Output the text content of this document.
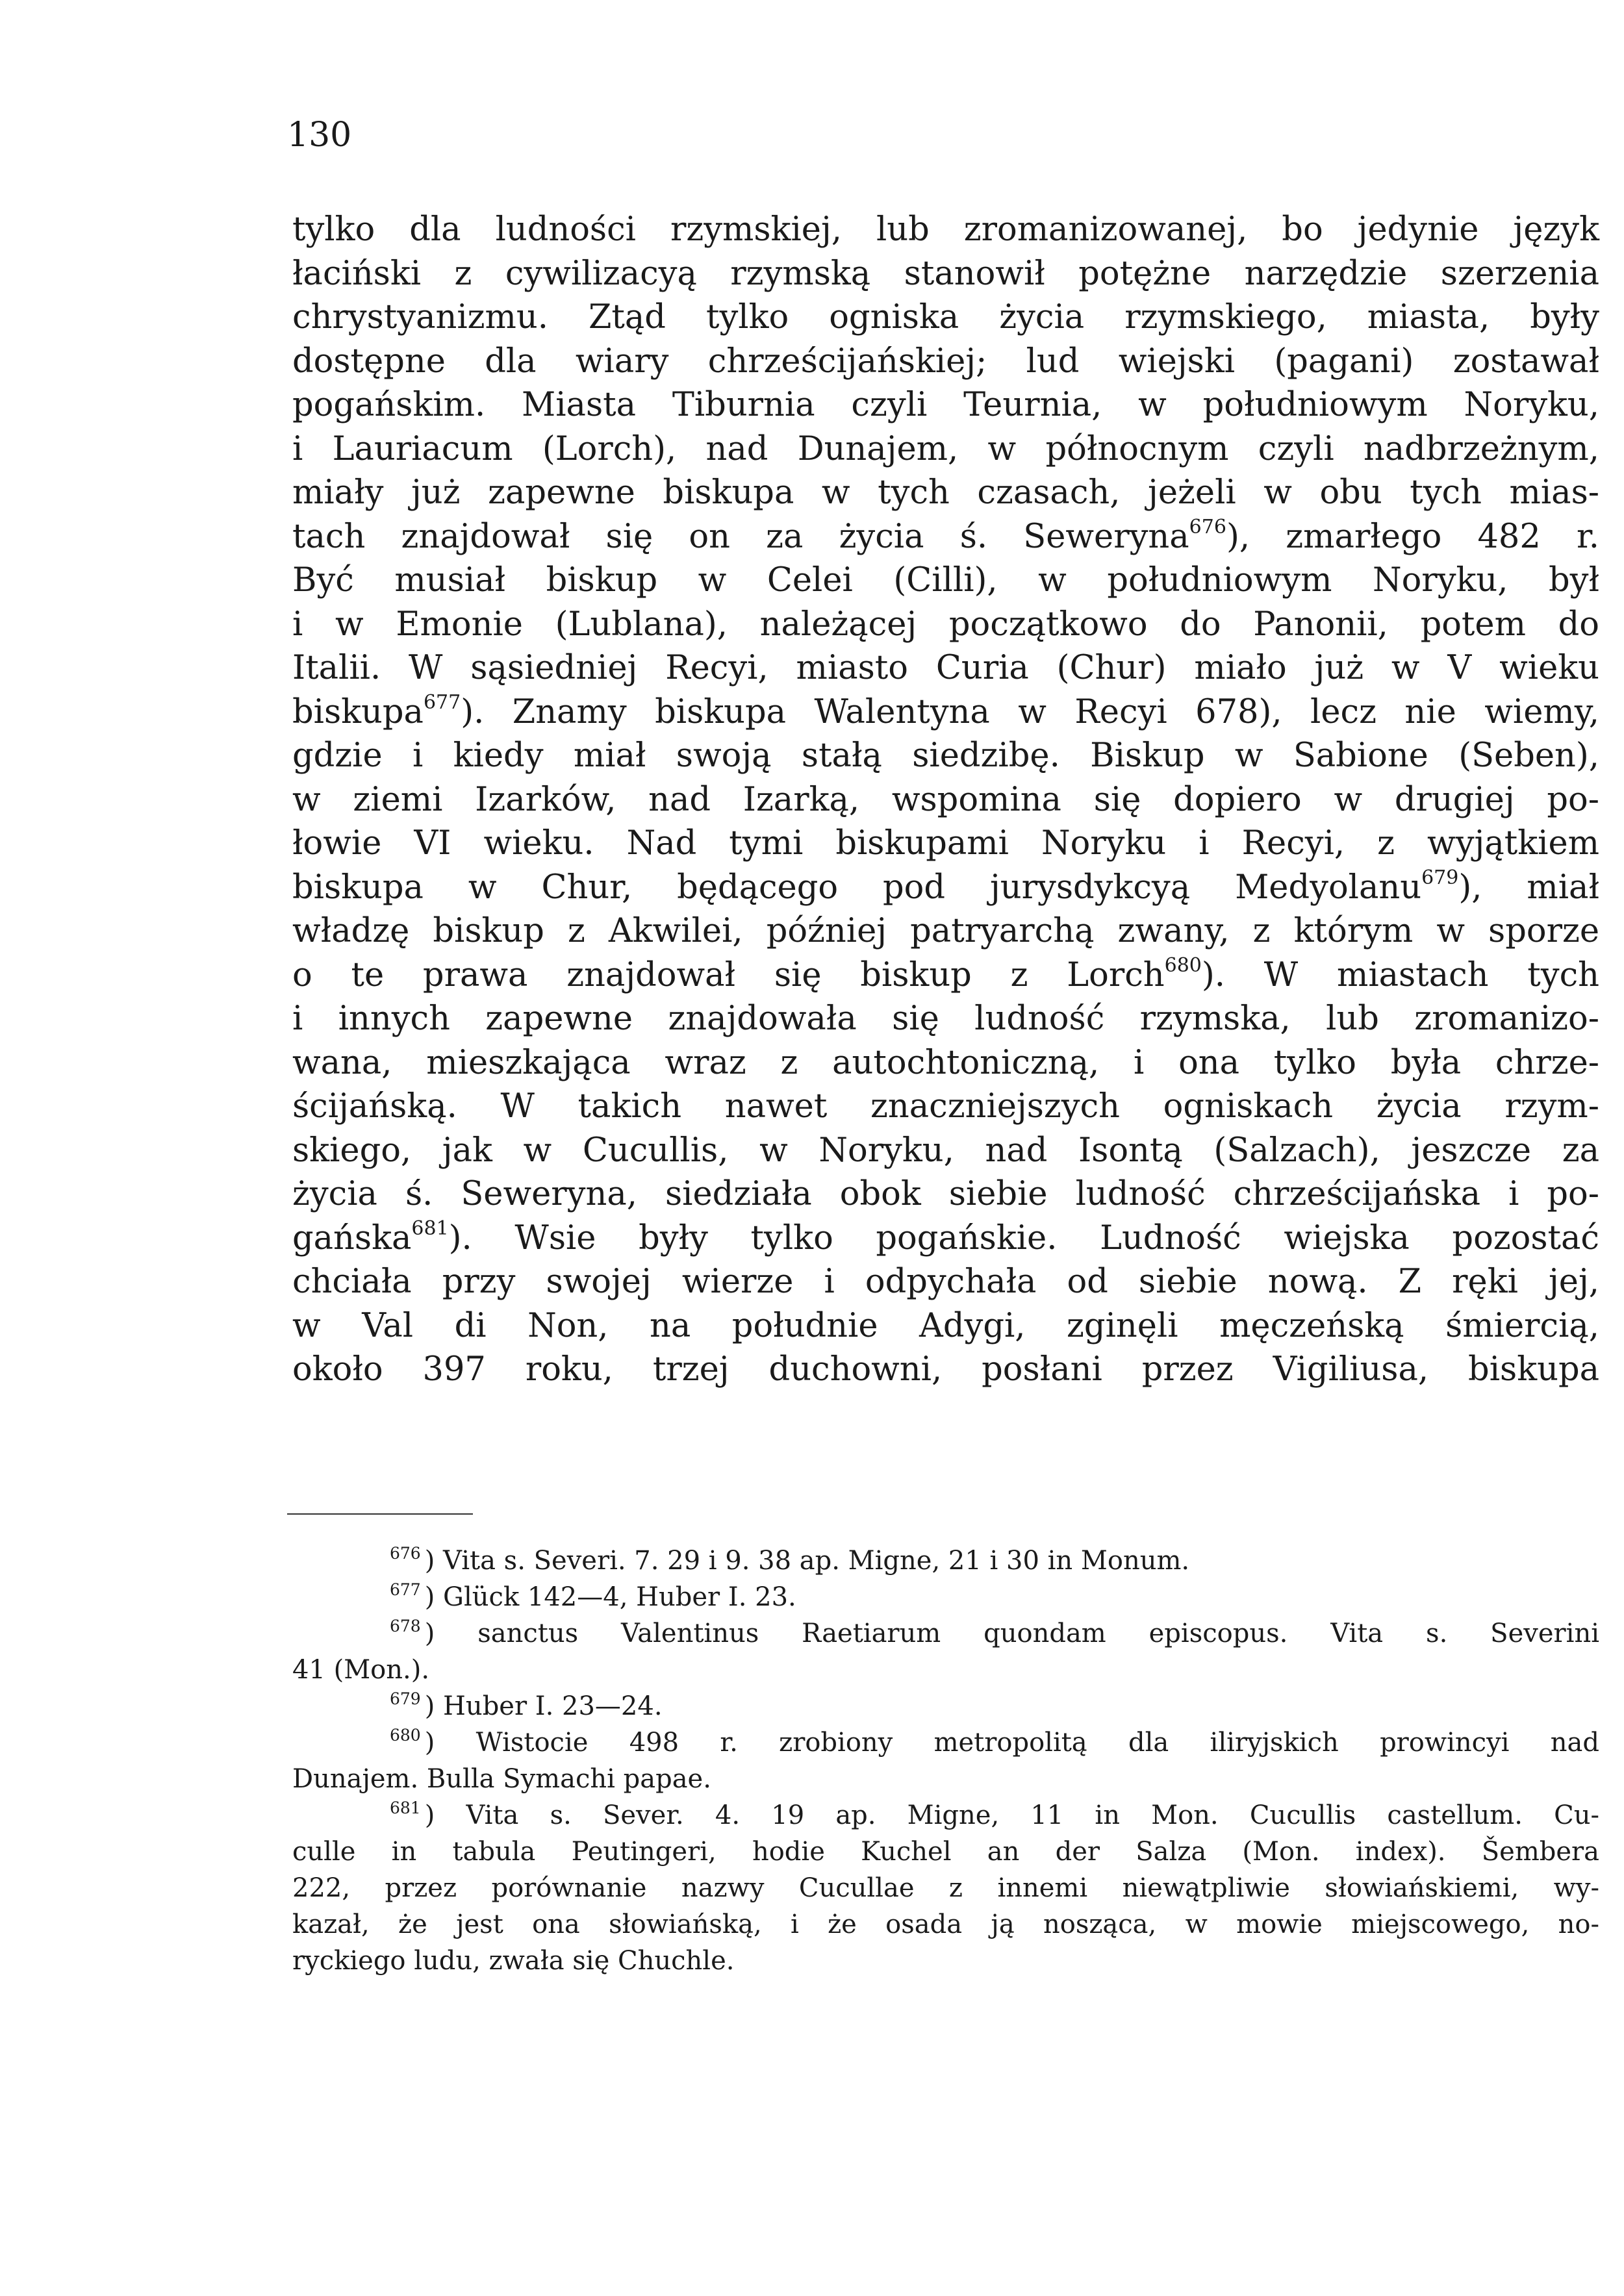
130
tylko dla ludności rzymskiej, lub zromanizowanej, bo jedynie język
łaciński z cywilizacyą rzymską stanowił potężne narzędzie szerzenia
chrystyanizmu. Ztąd tylko ogniska życia rzymskiego, miasta, były
dostępne dla wiary chrześcijańskiej; lud wiejski (pagani) zostawał
pogańskim. Miasta Tiburnia czyli Teurnia, w południowym Noryku,
i Lauriacum (Lorch), nad Dunajem, w północnym czyli nadbrzeżnym,
miały już zapewne biskupa w tych czasach, jeżeli w obu tych mias-
tach znajdował się on za życia ś. Seweryna$^{676}$), zmarłego 482 r.
Być musiał biskup w Celei (Cilli), w południowym Noryku, był
i w Emonie (Lublana), należącej początkowo do Panonii, potem do
Italii. W sąsiedniej Recyi, miasto Curia (Chur) miało już w V wieku
biskupa$^{677}$). Znamy biskupa Walentyna w Recyi 678), lecz nie wiemy,
gdzie i kiedy miał swoją stałą siedzibę. Biskup w Sabione (Seben),
w ziemi Izarków, nad Izarką, wspomina się dopiero w drugiej po-
łowie VI wieku. Nad tymi biskupami Noryku i Recyi, z wyjątkiem
biskupa w Chur, będącego pod jurysdykcyą Medyolanu$^{679}$), miał
władzę biskup z Akwilei, później patryarchą zwany, z którym w sporze
o te prawa znajdował się biskup z Lorch$^{680}$). W miastach tych
i innych zapewne znajdowała się ludność rzymska, lub zromanizo-
wana, mieszkająca wraz z autochtoniczną, i ona tylko była chrze-
ścijańską. W takich nawet znaczniejszych ogniskach życia rzym-
skiego, jak w Cucullis, w Noryku, nad Isontą (Salzach), jeszcze za
życia ś. Seweryna, siedziała obok siebie ludność chrześcijańska i po-
gańska$^{681}$). Wsie były tylko pogańskie. Ludność wiejska pozostać
chciała przy swojej wierze i odpychała od siebie nową. Z ręki jej,
w Val di Non, na południe Adygi, zginęli męczeńską śmiercią,
około 397 roku, trzej duchowni, posłani przez Vigiliusa, biskupa
$^{676}$ ) Vita s. Severi. 7. 29 i 9. 38 ap. Migne, 21 i 30 in Monum.
$^{677}$ ) Glück 142—4, Huber I. 23.
$^{678}$ ) sanctus Valentinus Raetiarum quondam episcopus. Vita s. Severini
41 (Mon.).
$^{679}$ ) Huber I. 23—24.
$^{680}$ ) Wistocie 498 r. zrobiony metropolitą dla iliryjskich prowincyi nad
Dunajem. Bulla Symachi papae.
$^{681}$ ) Vita s. Sever. 4. 19 ap. Migne, 11 in Mon. Cucullis castellum. Cu-
culle in tabula Peutingeri, hodie Kuchel an der Salza (Mon. index). Šembera
222, przez porównanie nazwy Cucullae z innemi niewątpliwie słowiańskiemi, wy-
kazał, że jest ona słowiańską, i że osada ją nosząca, w mowie miejscowego, no-
ryckiego ludu, zwała się Chuchle.
